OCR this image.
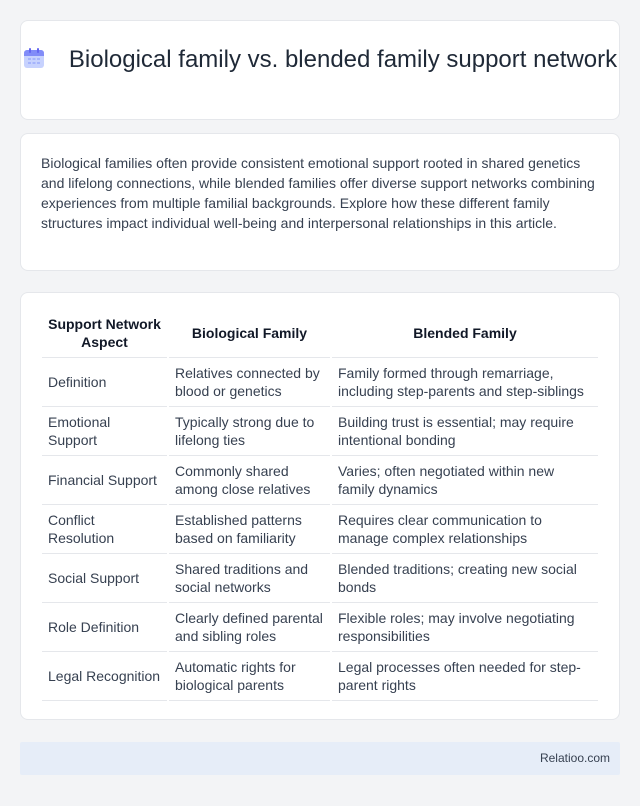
Biological family vs. blended family support network

Biological families often provide consistent emotional support rooted in shared genetics and lifelong connections, while blended families offer diverse support networks combining experiences from multiple familial backgrounds. Explore how these different family structures impact individual well-being and interpersonal relationships in this article.

Support Network Aspect	Biological Family	Blended Family
Definition	Relatives connected by blood or genetics	Family formed through remarriage, including step-parents and step-siblings
Emotional Support	Typically strong due to lifelong ties	Building trust is essential; may require intentional bonding
Financial Support	Commonly shared among close relatives	Varies; often negotiated within new family dynamics
Conflict Resolution	Established patterns based on familiarity	Requires clear communication to manage complex relationships
Social Support	Shared traditions and social networks	Blended traditions; creating new social bonds
Role Definition	Clearly defined parental and sibling roles	Flexible roles; may involve negotiating responsibilities
Legal Recognition	Automatic rights for biological parents	Legal processes often needed for step-parent rights
Relatioo.com
